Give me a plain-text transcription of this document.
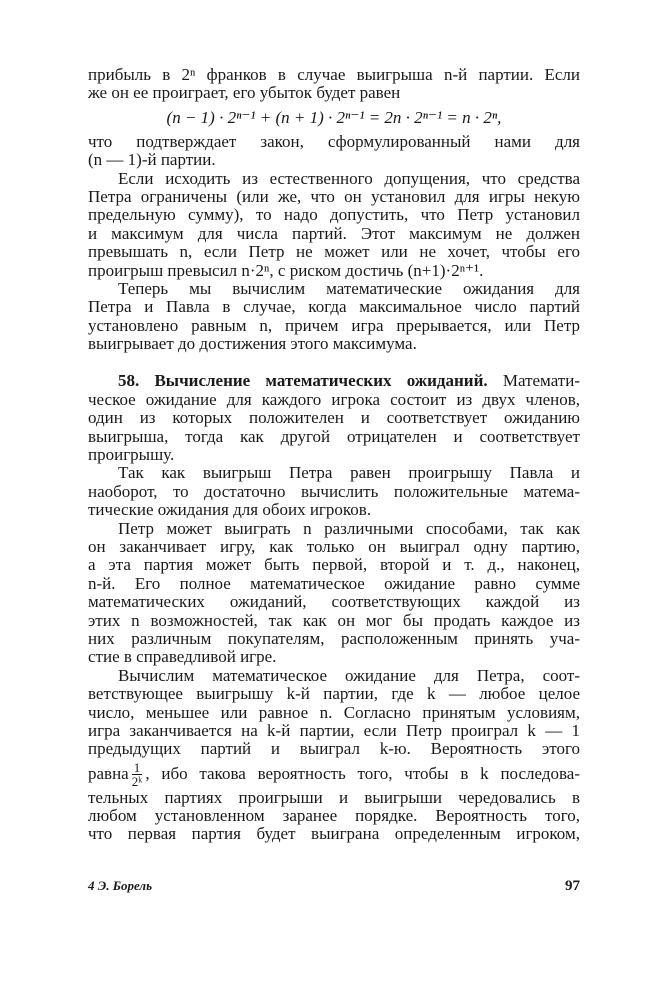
прибыль в 2ⁿ франков в случае выигрыша n-й партии. Если
же он ее проиграет, его убыток будет равен
(n − 1) · 2ⁿ⁻¹ + (n + 1) · 2ⁿ⁻¹ = 2n · 2ⁿ⁻¹ = n · 2ⁿ,
что подтверждает закон, сформулированный нами для
(n — 1)-й партии.
Если исходить из естественного допущения, что средства
Петра ограничены (или же, что он установил для игры некую
предельную сумму), то надо допустить, что Петр установил
и максимум для числа партий. Этот максимум не должен
превышать n, если Петр не может или не хочет, чтобы его
проигрыш превысил n·2ⁿ, с риском достичь (n+1)·2ⁿ⁺¹.
Теперь мы вычислим математические ожидания для
Петра и Павла в случае, когда максимальное число партий
установлено равным n, причем игра прерывается, или Петр
выигрывает до достижения этого максимума.
58. Вычисление математических ожиданий. Математи-
ческое ожидание для каждого игрока состоит из двух членов,
один из которых положителен и соответствует ожиданию
выигрыша, тогда как другой отрицателен и соответствует
проигрышу.
Так как выигрыш Петра равен проигрышу Павла и
наоборот, то достаточно вычислить положительные матема-
тические ожидания для обоих игроков.
Петр может выиграть n различными способами, так как
он заканчивает игру, как только он выиграл одну партию,
а эта партия может быть первой, второй и т. д., наконец,
n-й. Его полное математическое ожидание равно сумме
математических ожиданий, соответствующих каждой из
этих n возможностей, так как он мог бы продать каждое из
них различным покупателям, расположенным принять уча-
стие в справедливой игре.
Вычислим математическое ожидание для Петра, соот-
ветствующее выигрышу k-й партии, где k — любое целое
число, меньшее или равное n. Согласно принятым условиям,
игра заканчивается на k-й партии, если Петр проиграл k — 1
предыдущих партий и выиграл k-ю. Вероятность этого
равна $\frac{1}{\text{2ᵏ}}$ , ибо такова вероятность того, чтобы в k последова-
тельных партиях проигрыши и выигрыши чередовались в
любом установленном заранее порядке. Вероятность того,
что первая партия будет выиграна определенным игроком,
4 Э. Борель	97
